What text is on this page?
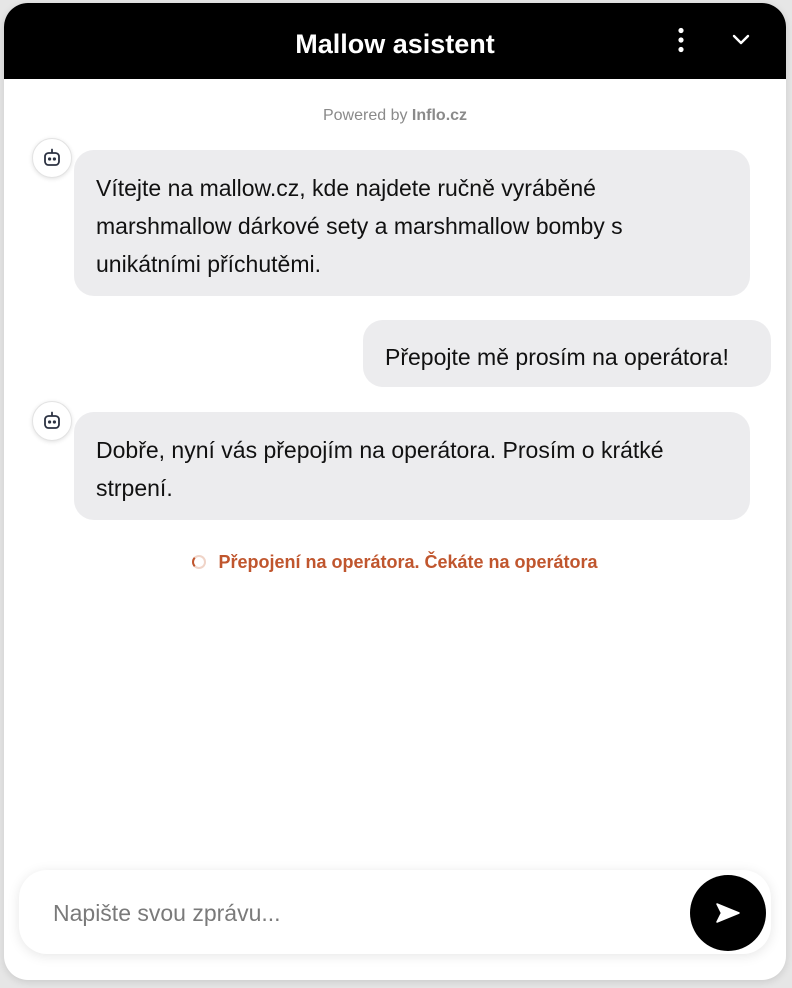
Mallow asistent
Powered by Inflo.cz
Vítejte na mallow.cz, kde najdete ručně vyráběné marshmallow dárkové sety a marshmallow bomby s unikátními příchutěmi.
Přepojte mě prosím na operátora!
Dobře, nyní vás přepojím na operátora. Prosím o krátké strpení.
Přepojení na operátora. Čekáte na operátora
Napište svou zprávu...
